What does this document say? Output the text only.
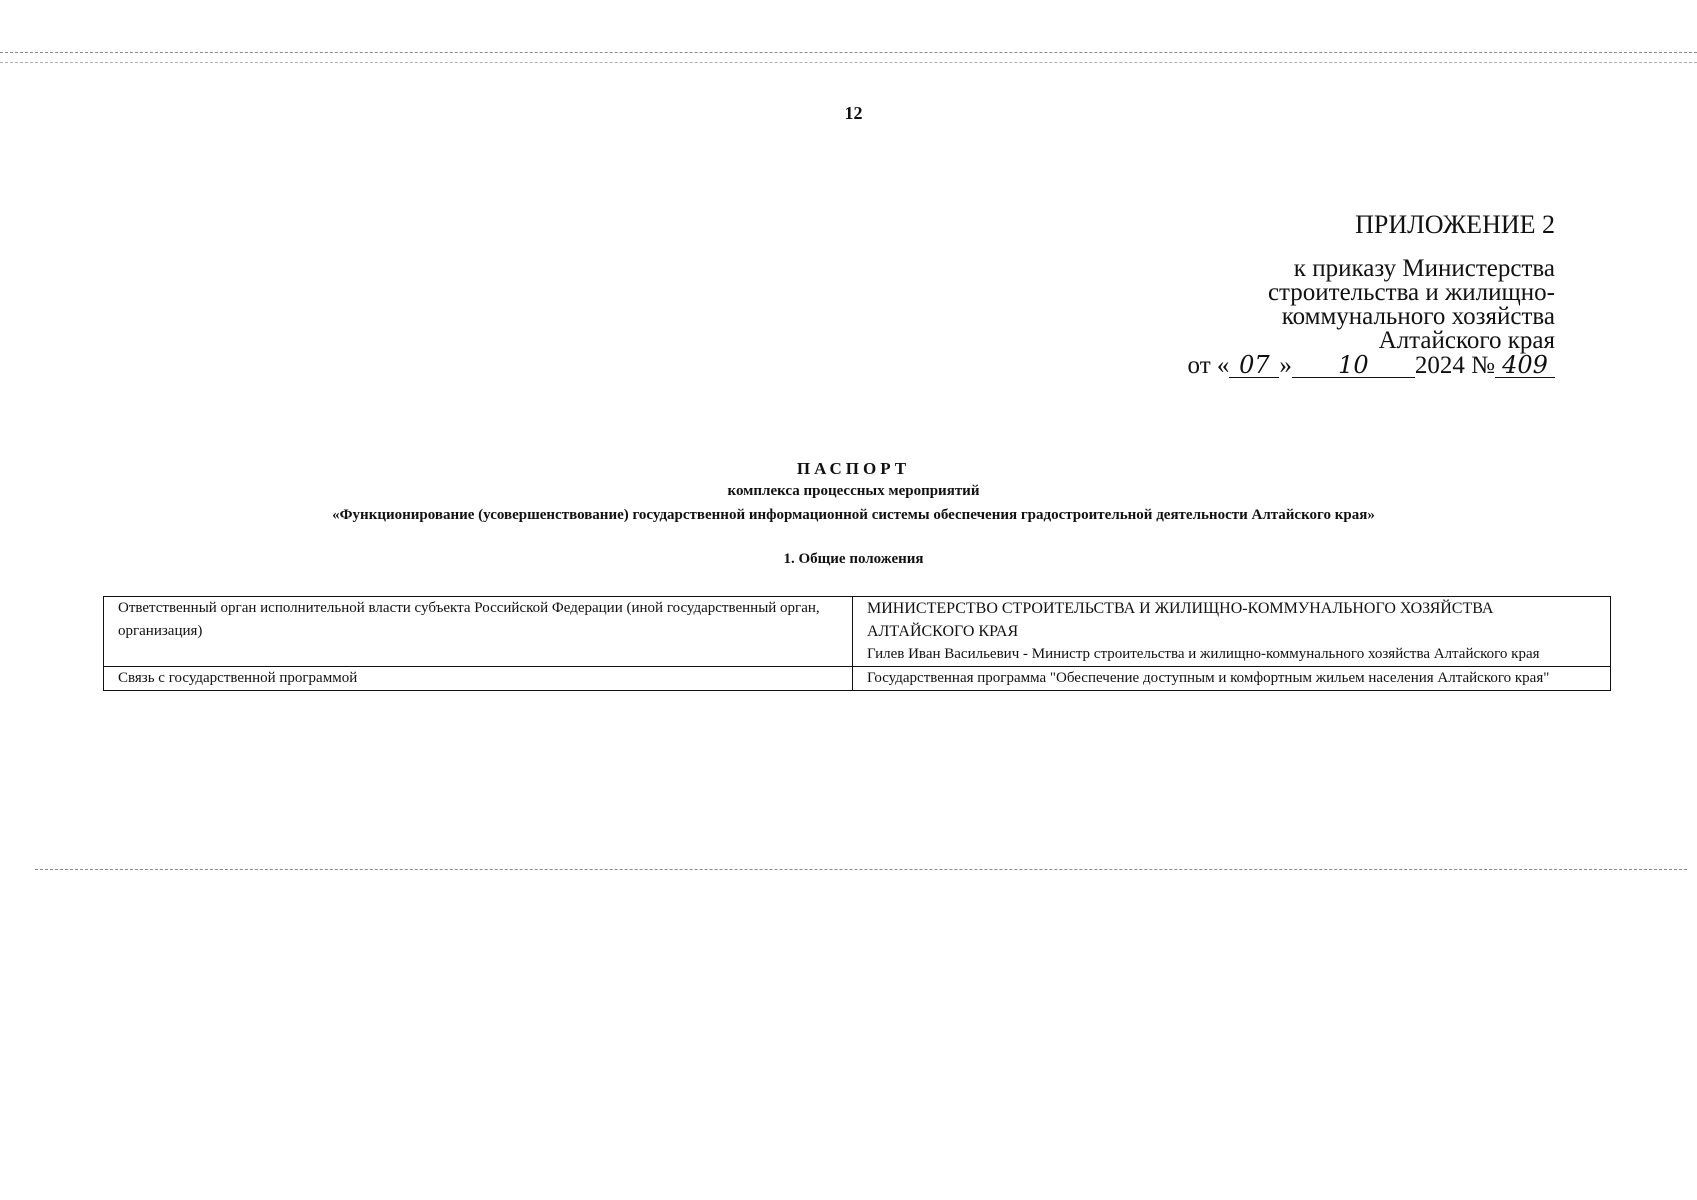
12
ПРИЛОЖЕНИЕ 2
к приказу Министерства
строительства и жилищно-
коммунального хозяйства
Алтайского края
от « 07 » 10 2024 № 409
ПАСПОРТ
комплекса процессных мероприятий
«Функционирование (усовершенствование) государственной информационной системы обеспечения градостроительной деятельности Алтайского края»
1. Общие положения
Ответственный орган исполнительной власти субъекта Российской Федерации (иной государственный орган, организация)	МИНИСТЕРСТВО СТРОИТЕЛЬСТВА И ЖИЛИЩНО-КОММУНАЛЬНОГО ХОЗЯЙСТВА АЛТАЙСКОГО КРАЯ
Гилев Иван Васильевич - Министр строительства и жилищно-коммунального хозяйства Алтайского края

Связь с государственной программой	Государственная программа "Обеспечение доступным и комфортным жильем населения Алтайского края"
